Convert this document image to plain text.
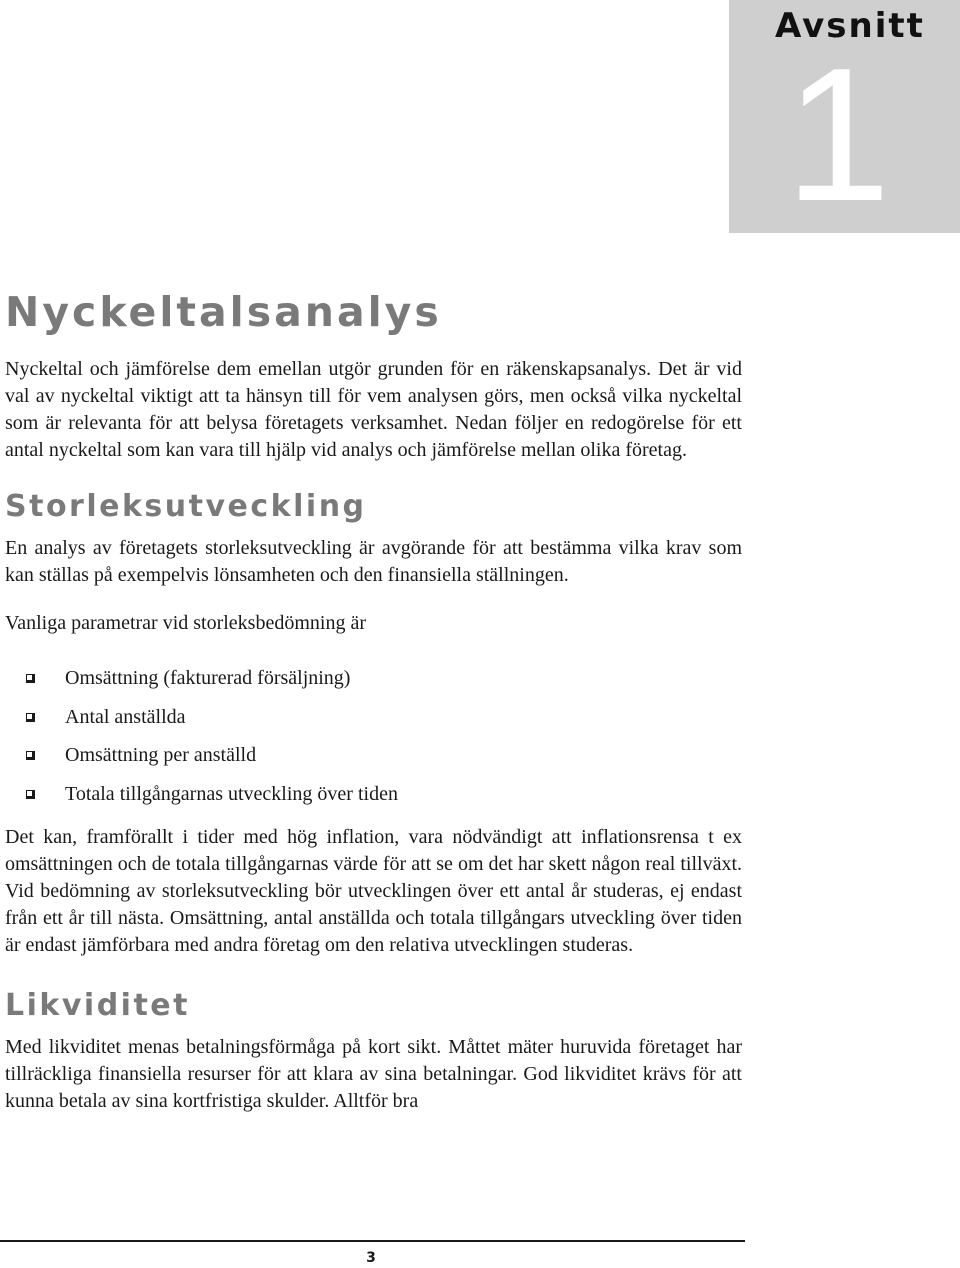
Avsnitt
1
Nyckeltalsanalys

Nyckeltal och jämförelse dem emellan utgör grunden för en räkenskapsanalys. Det är vid val av nyckeltal viktigt att ta hänsyn till för vem analysen görs, men också vilka nyckeltal som är relevanta för att belysa företagets verksamhet. Nedan följer en redogörelse för ett antal nyckeltal som kan vara till hjälp vid analys och jämförelse mellan olika företag.

Storleksutveckling

En analys av företagets storleksutveckling är avgörande för att bestämma vilka krav som kan ställas på exempelvis lönsamheten och den finansiella ställningen.

Vanliga parametrar vid storleksbedömning är

Omsättning (fakturerad försäljning)
Antal anställda
Omsättning per anställd
Totala tillgångarnas utveckling över tiden

Det kan, framförallt i tider med hög inflation, vara nödvändigt att inflationsrensa t ex omsättningen och de totala tillgångarnas värde för att se om det har skett någon real tillväxt. Vid bedömning av storleksutveckling bör utvecklingen över ett antal år studeras, ej endast från ett år till nästa. Omsättning, antal anställda och totala tillgångars utveckling över tiden är endast jämförbara med andra företag om den relativa utvecklingen studeras.

Likviditet

Med likviditet menas betalningsförmåga på kort sikt. Måttet mäter huruvida företaget har tillräckliga finansiella resurser för att klara av sina betalningar. God likviditet krävs för att kunna betala av sina kortfristiga skulder. Alltför bra

3
